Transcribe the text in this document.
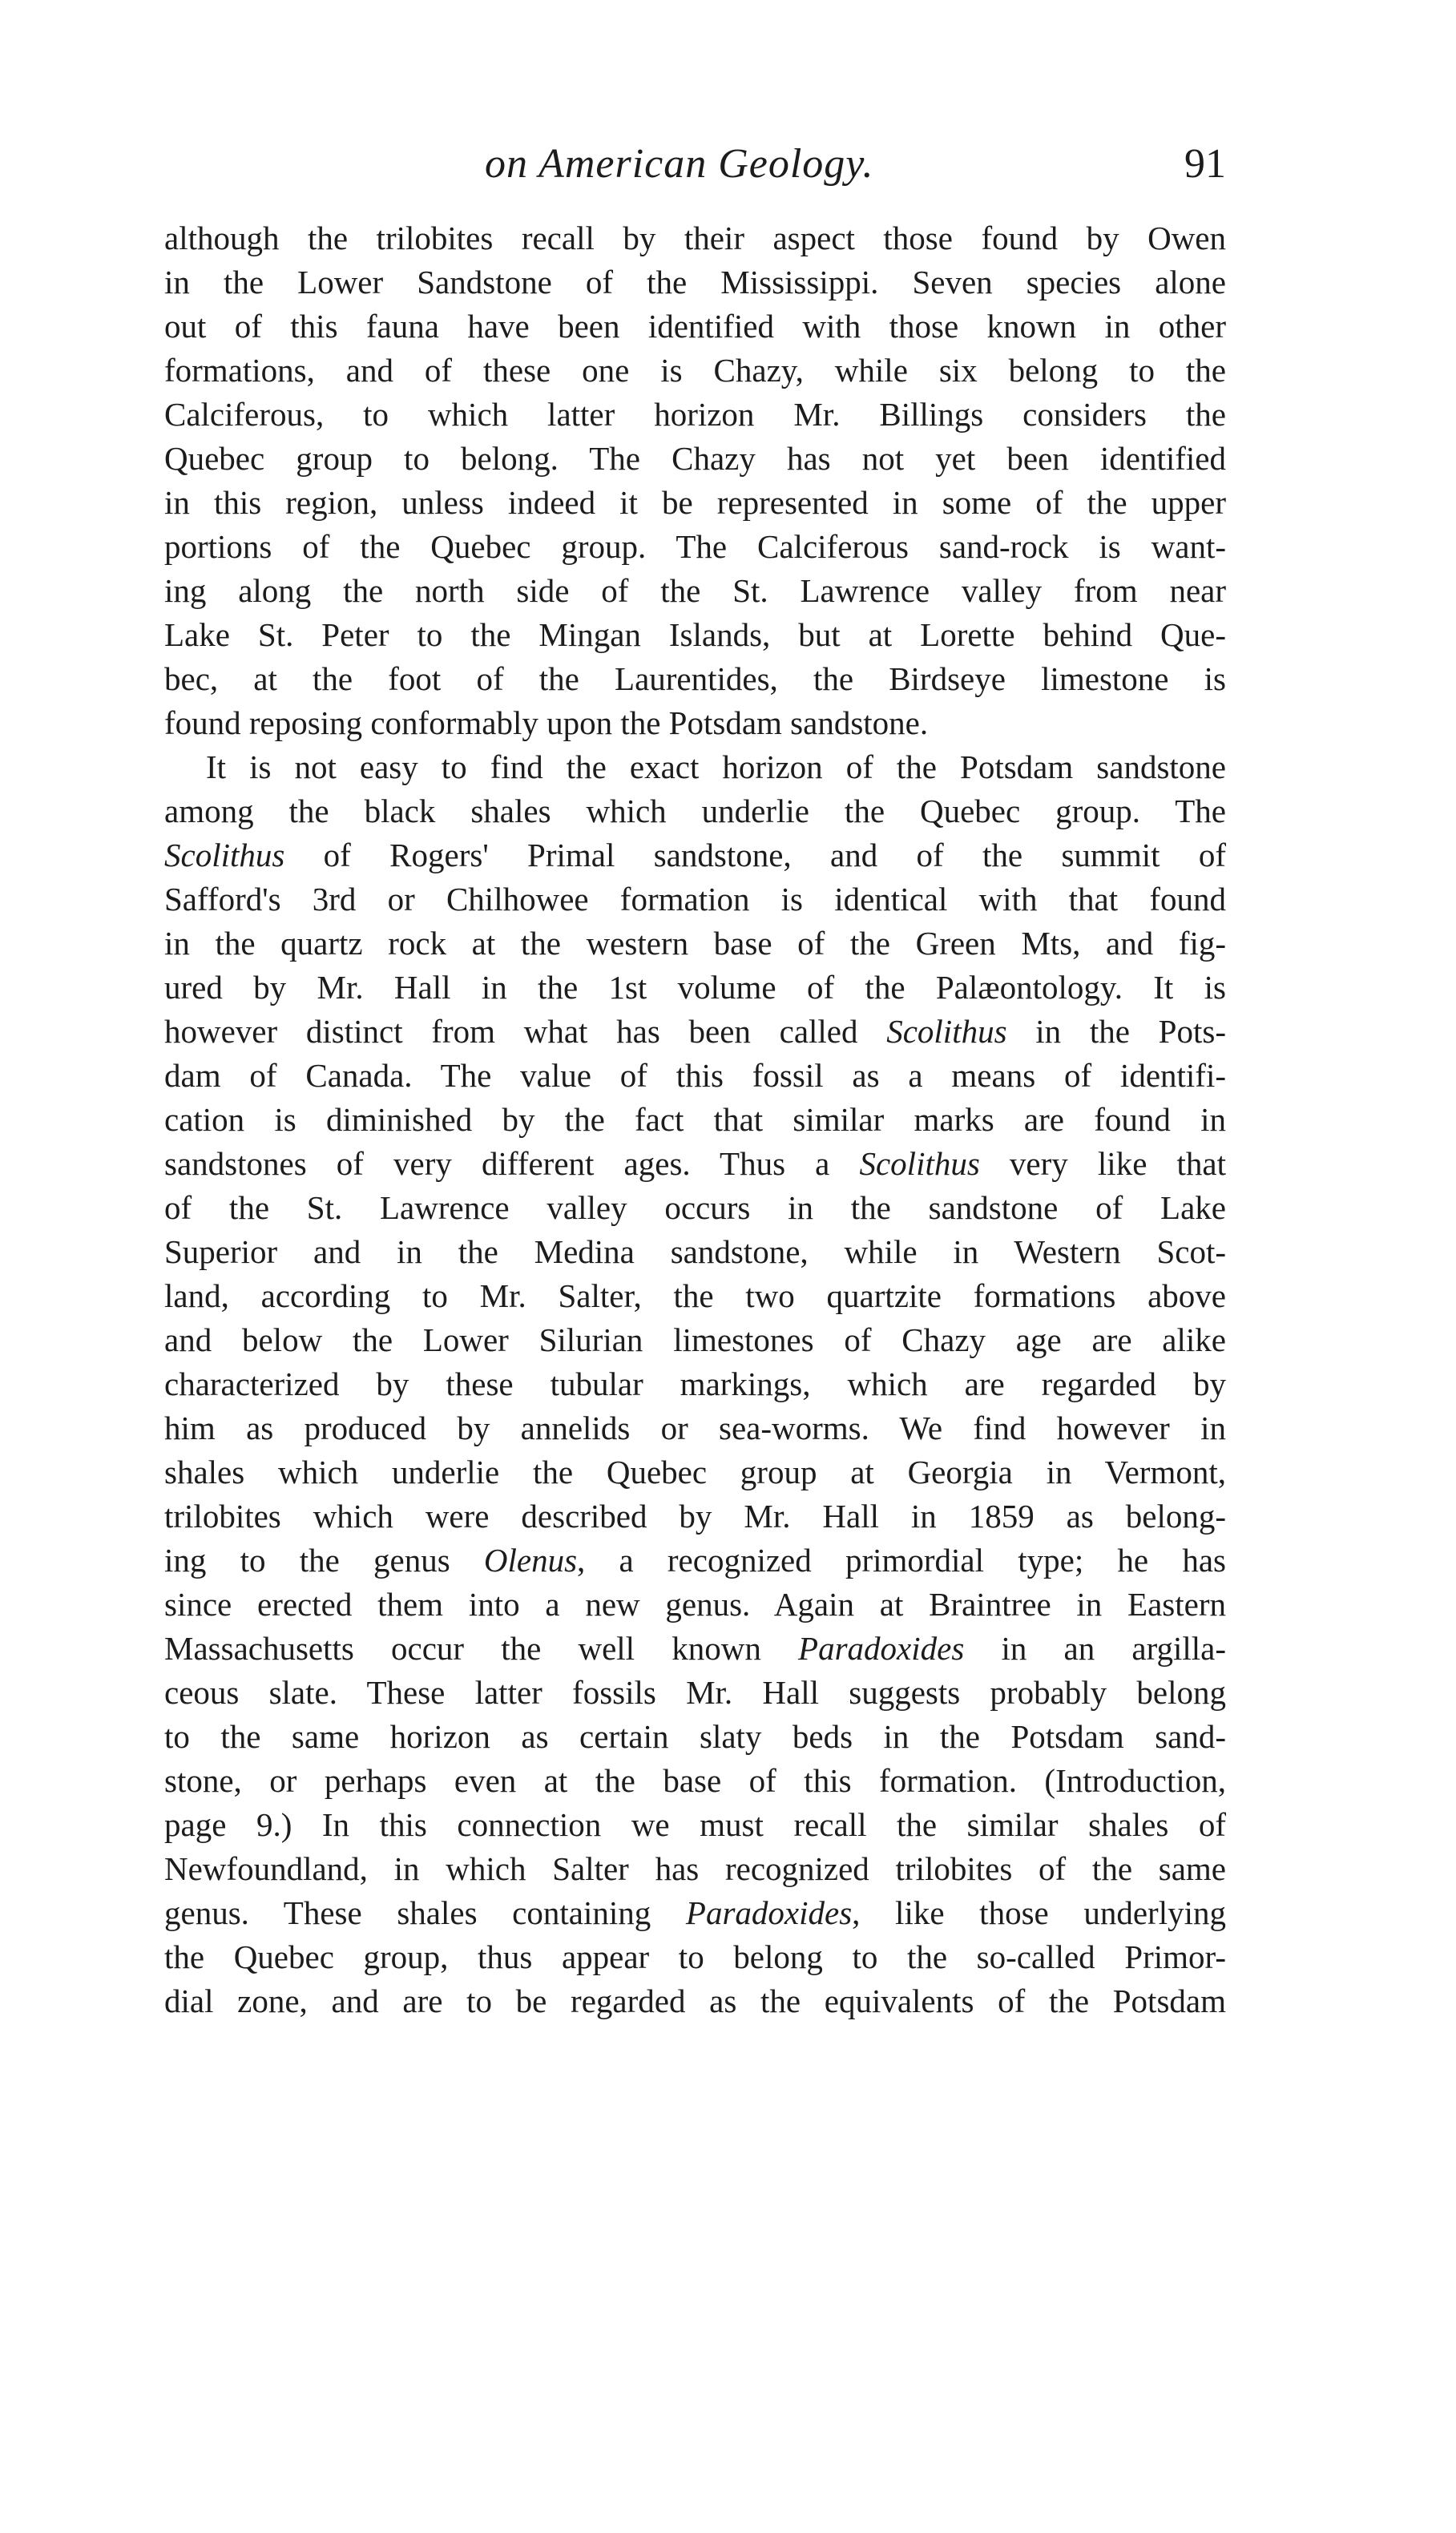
on American Geology.	91
although the trilobites recall by their aspect those found by Owen
in the Lower Sandstone of the Mississippi. Seven species alone
out of this fauna have been identified with those known in other
formations, and of these one is Chazy, while six belong to the
Calciferous, to which latter horizon Mr. Billings considers the
Quebec group to belong. The Chazy has not yet been identified
in this region, unless indeed it be represented in some of the upper
portions of the Quebec group. The Calciferous sand-rock is want-
ing along the north side of the St. Lawrence valley from near
Lake St. Peter to the Mingan Islands, but at Lorette behind Que-
bec, at the foot of the Laurentides, the Birdseye limestone is
found reposing conformably upon the Potsdam sandstone.
It is not easy to find the exact horizon of the Potsdam sandstone
among the black shales which underlie the Quebec group. The
Scolithus of Rogers' Primal sandstone, and of the summit of
Safford's 3rd or Chilhowee formation is identical with that found
in the quartz rock at the western base of the Green Mts, and fig-
ured by Mr. Hall in the 1st volume of the Palæontology. It is
however distinct from what has been called Scolithus in the Pots-
dam of Canada. The value of this fossil as a means of identifi-
cation is diminished by the fact that similar marks are found in
sandstones of very different ages. Thus a Scolithus very like that
of the St. Lawrence valley occurs in the sandstone of Lake
Superior and in the Medina sandstone, while in Western Scot-
land, according to Mr. Salter, the two quartzite formations above
and below the Lower Silurian limestones of Chazy age are alike
characterized by these tubular markings, which are regarded by
him as produced by annelids or sea-worms. We find however in
shales which underlie the Quebec group at Georgia in Vermont,
trilobites which were described by Mr. Hall in 1859 as belong-
ing to the genus Olenus, a recognized primordial type; he has
since erected them into a new genus. Again at Braintree in Eastern
Massachusetts occur the well known Paradoxides in an argilla-
ceous slate. These latter fossils Mr. Hall suggests probably belong
to the same horizon as certain slaty beds in the Potsdam sand-
stone, or perhaps even at the base of this formation. (Introduction,
page 9.) In this connection we must recall the similar shales of
Newfoundland, in which Salter has recognized trilobites of the same
genus. These shales containing Paradoxides, like those underlying
the Quebec group, thus appear to belong to the so-called Primor-
dial zone, and are to be regarded as the equivalents of the Potsdam
